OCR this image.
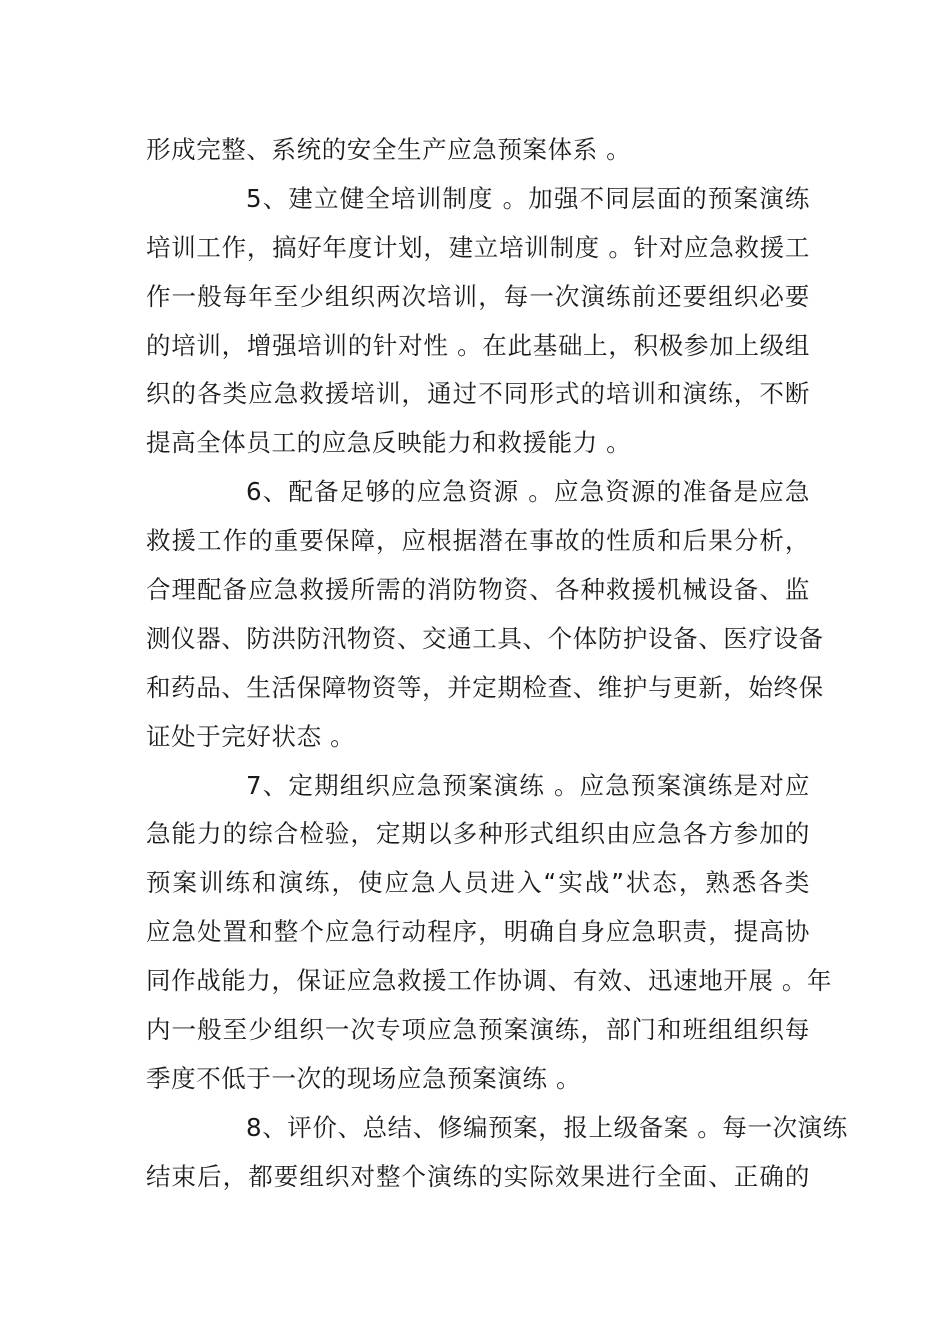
形成完整、系统的安全生产应急预案体系 。
5、建立健全培训制度 。加强不同层面的预案演练
培训工作，搞好年度计划，建立培训制度 。针对应急救援工
作一般每年至少组织两次培训，每一次演练前还要组织必要
的培训，增强培训的针对性 。在此基础上，积极参加上级组
织的各类应急救援培训，通过不同形式的培训和演练，不断
提高全体员工的应急反映能力和救援能力 。
6、配备足够的应急资源 。应急资源的准备是应急
救援工作的重要保障，应根据潜在事故的性质和后果分析，
合理配备应急救援所需的消防物资、各种救援机械设备、监
测仪器、防洪防汛物资、交通工具、个体防护设备、医疗设备
和药品、生活保障物资等，并定期检查、维护与更新，始终保
证处于完好状态 。
7、定期组织应急预案演练 。应急预案演练是对应
急能力的综合检验，定期以多种形式组织由应急各方参加的
预案训练和演练，使应急人员进入“实战”状态，熟悉各类
应急处置和整个应急行动程序，明确自身应急职责，提高协
同作战能力，保证应急救援工作协调、有效、迅速地开展 。年
内一般至少组织一次专项应急预案演练，部门和班组组织每
季度不低于一次的现场应急预案演练 。
8、评价、总结、修编预案，报上级备案 。每一次演练
结束后，都要组织对整个演练的实际效果进行全面、正确的
